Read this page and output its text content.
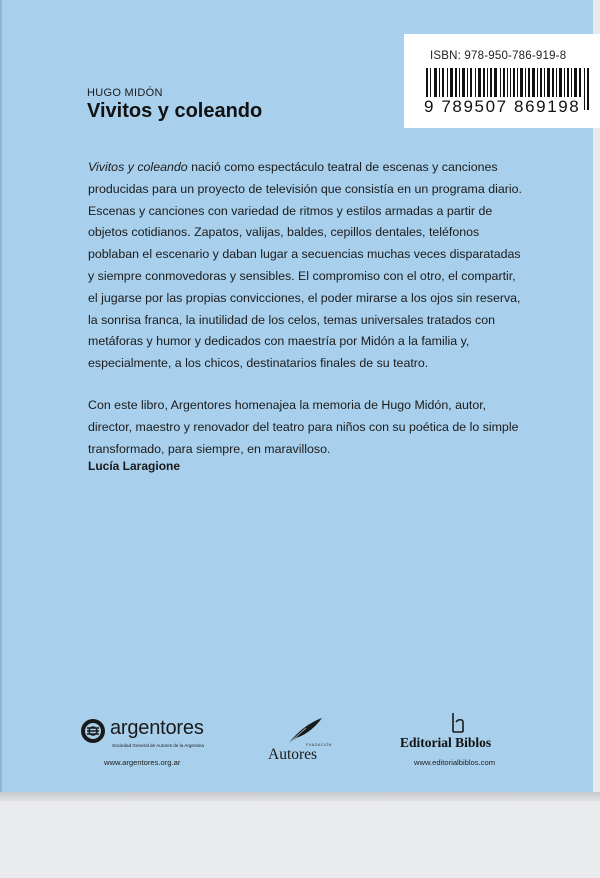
ISBN: 978-950-786-919-8
9 789507 869198
HUGO MIDÓN
Vivitos y coleando

Vivitos y coleando nació como espectáculo teatral de escenas y canciones producidas para un proyecto de televisión que consistía en un programa diario. Escenas y canciones con variedad de ritmos y estilos armadas a partir de objetos cotidianos. Zapatos, valijas, baldes, cepillos dentales, teléfonos poblaban el escenario y daban lugar a secuencias muchas veces disparatadas y siempre conmovedoras y sensibles. El compromiso con el otro, el compartir, el jugarse por las propias convicciones, el poder mirarse a los ojos sin reserva, la sonrisa franca, la inutilidad de los celos, temas universales tratados con metáforas y humor y dedicados con maestría por Midón a la familia y, especialmente, a los chicos, destinatarios finales de su teatro.

Con este libro, Argentores homenajea la memoria de Hugo Midón, autor, director, maestro y renovador del teatro para niños con su poética de lo simple transformado, para siempre, en maravilloso.

Lucía Laragione
argentores
Sociedad General de Autores de la Argentina
www.argentores.org.ar
FUNDACIÓN
Autores
Editorial Biblos
www.editorialbiblos.com
